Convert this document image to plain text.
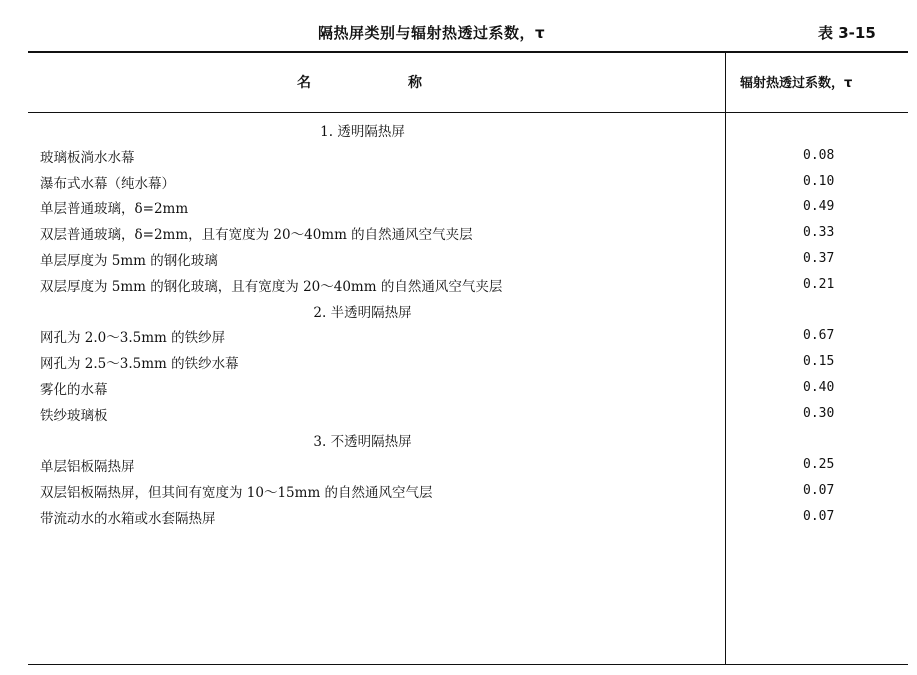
隔热屏类别与辐射热透过系数，τ	表 3-15
名	称	辐射热透过系数，τ
1. 透明隔热屏
玻璃板淌水水幕	0.08
瀑布式水幕（纯水幕）	0.10
单层普通玻璃，δ=2mm	0.49
双层普通玻璃，δ=2mm，且有宽度为 20～40mm 的自然通风空气夹层	0.33
单层厚度为 5mm 的钢化玻璃	0.37
双层厚度为 5mm 的钢化玻璃，且有宽度为 20～40mm 的自然通风空气夹层	0.21
2. 半透明隔热屏
网孔为 2.0～3.5mm 的铁纱屏	0.67
网孔为 2.5～3.5mm 的铁纱水幕	0.15
雾化的水幕	0.40
铁纱玻璃板	0.30
3. 不透明隔热屏
单层铝板隔热屏	0.25
双层铝板隔热屏，但其间有宽度为 10～15mm 的自然通风空气层	0.07
带流动水的水箱或水套隔热屏	0.07
